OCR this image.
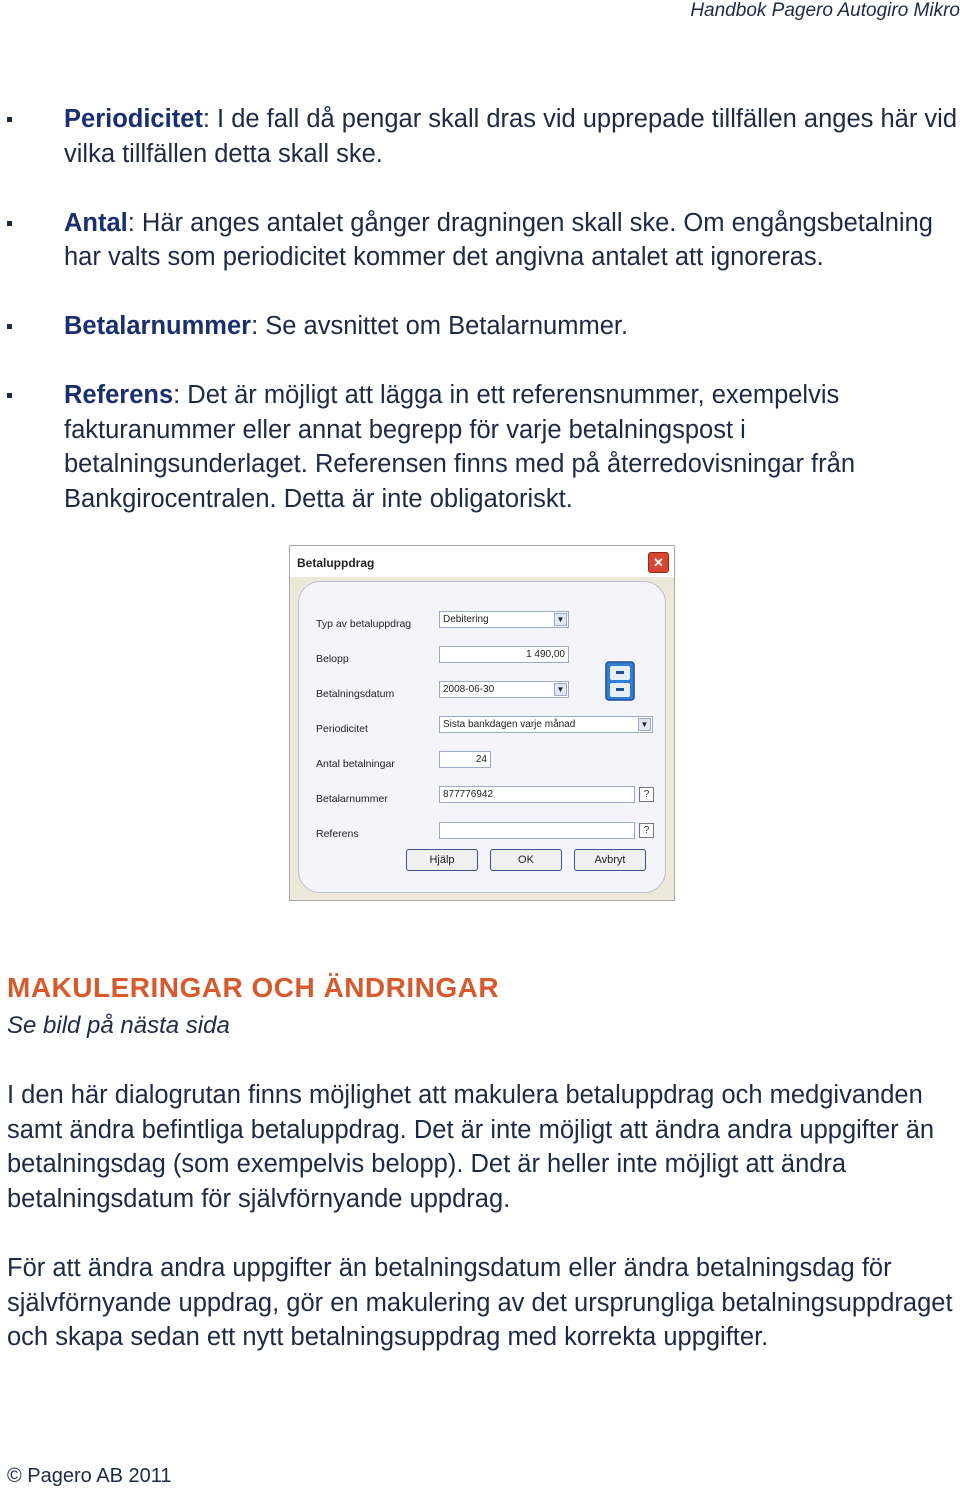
Handbok Pagero Autogiro Mikro
Periodicitet: I de fall då pengar skall dras vid upprepade tillfällen anges här vid vilka tillfällen detta skall ske.
Antal: Här anges antalet gånger dragningen skall ske. Om engångsbetalning har valts som periodicitet kommer det angivna antalet att ignoreras.
Betalarnummer: Se avsnittet om Betalarnummer.
Referens: Det är möjligt att lägga in ett referensnummer, exempelvis fakturanummer eller annat begrepp för varje betalningspost i betalningsunderlaget. Referensen finns med på återredovisningar från Bankgirocentralen. Detta är inte obligatoriskt.
Betaluppdrag	✕
Typ av betaluppdrag	Debitering	▼
Belopp	1 490,00
Betalningsdatum	2008-06-30	▼
Periodicitet	Sista bankdagen varje månad	▼
Antal betalningar	24
Betalarnummer	877776942	?
Referens	?
Hjälp	OK	Avbryt
MAKULERINGAR OCH ÄNDRINGAR
Se bild på nästa sida
I den här dialogrutan finns möjlighet att makulera betaluppdrag och medgivanden samt ändra befintliga betaluppdrag. Det är inte möjligt att ändra andra uppgifter än betalningsdag (som exempelvis belopp). Det är heller inte möjligt att ändra betalningsdatum för självförnyande uppdrag.
För att ändra andra uppgifter än betalningsdatum eller ändra betalningsdag för självförnyande uppdrag, gör en makulering av det ursprungliga betalningsuppdraget och skapa sedan ett nytt betalningsuppdrag med korrekta uppgifter.
© Pagero AB 2011
